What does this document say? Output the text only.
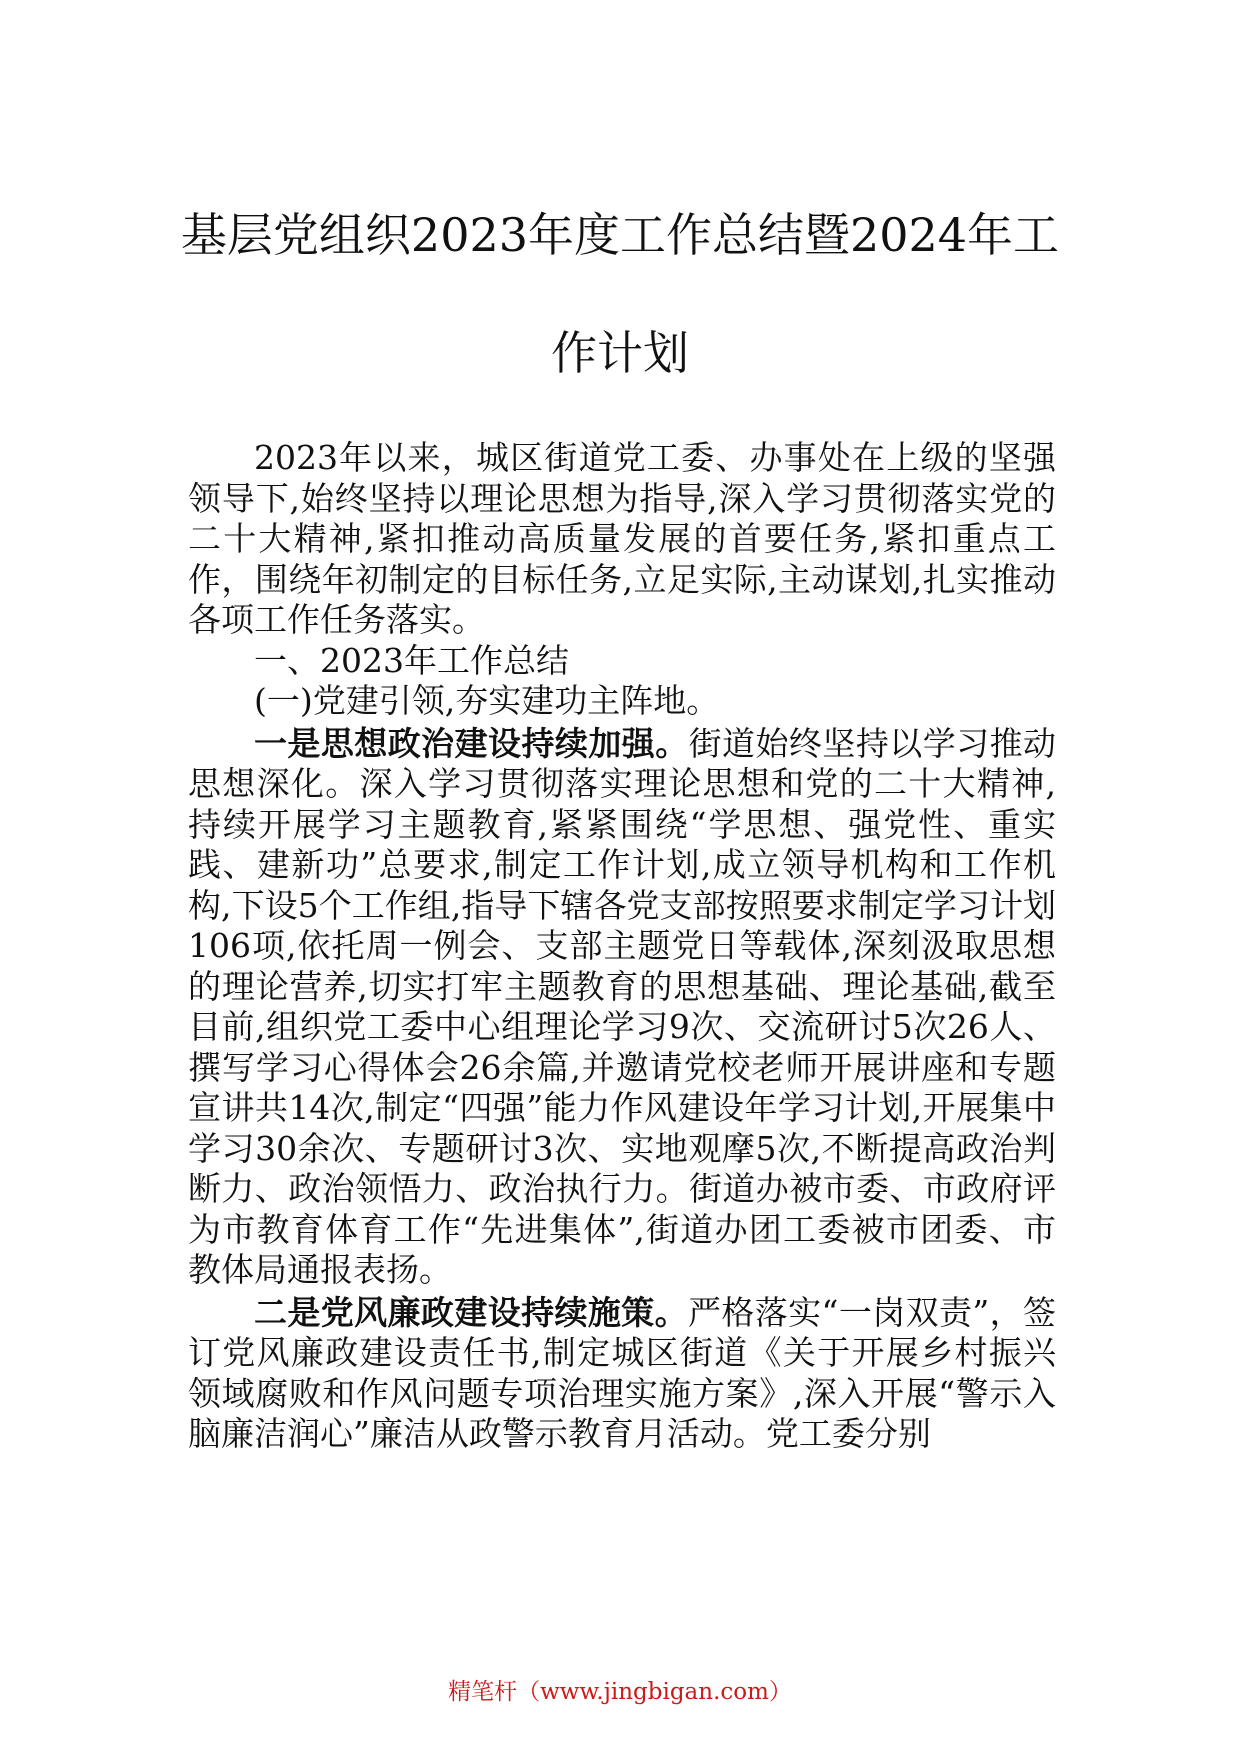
基层党组织2023年度工作总结暨2024年工
作计划

2023年以来，城区街道党工委、办事处在上级的坚强领导下,始终坚持以理论思想为指导,深入学习贯彻落实党的二十大精神,紧扣推动高质量发展的首要任务,紧扣重点工作，围绕年初制定的目标任务,立足实际,主动谋划,扎实推动各项工作任务落实。

一、2023年工作总结

(一)党建引领,夯实建功主阵地。

一是思想政治建设持续加强。街道始终坚持以学习推动思想深化。深入学习贯彻落实理论思想和党的二十大精神,持续开展学习主题教育,紧紧围绕“学思想、强党性、重实践、建新功”总要求,制定工作计划,成立领导机构和工作机构,下设5个工作组,指导下辖各党支部按照要求制定学习计划106项,依托周一例会、支部主题党日等载体,深刻汲取思想的理论营养,切实打牢主题教育的思想基础、理论基础,截至目前,组织党工委中心组理论学习9次、交流研讨5次26人、撰写学习心得体会26余篇,并邀请党校老师开展讲座和专题宣讲共14次,制定“四强”能力作风建设年学习计划,开展集中学习30余次、专题研讨3次、实地观摩5次,不断提高政治判断力、政治领悟力、政治执行力。街道办被市委、市政府评为市教育体育工作“先进集体”,街道办团工委被市团委、市教体局通报表扬。

二是党风廉政建设持续施策。严格落实“一岗双责”，签订党风廉政建设责任书,制定城区街道《关于开展乡村振兴领域腐败和作风问题专项治理实施方案》,深入开展“警示入脑廉洁润心”廉洁从政警示教育月活动。党工委分别

精笔杆（www.jingbigan.com）
